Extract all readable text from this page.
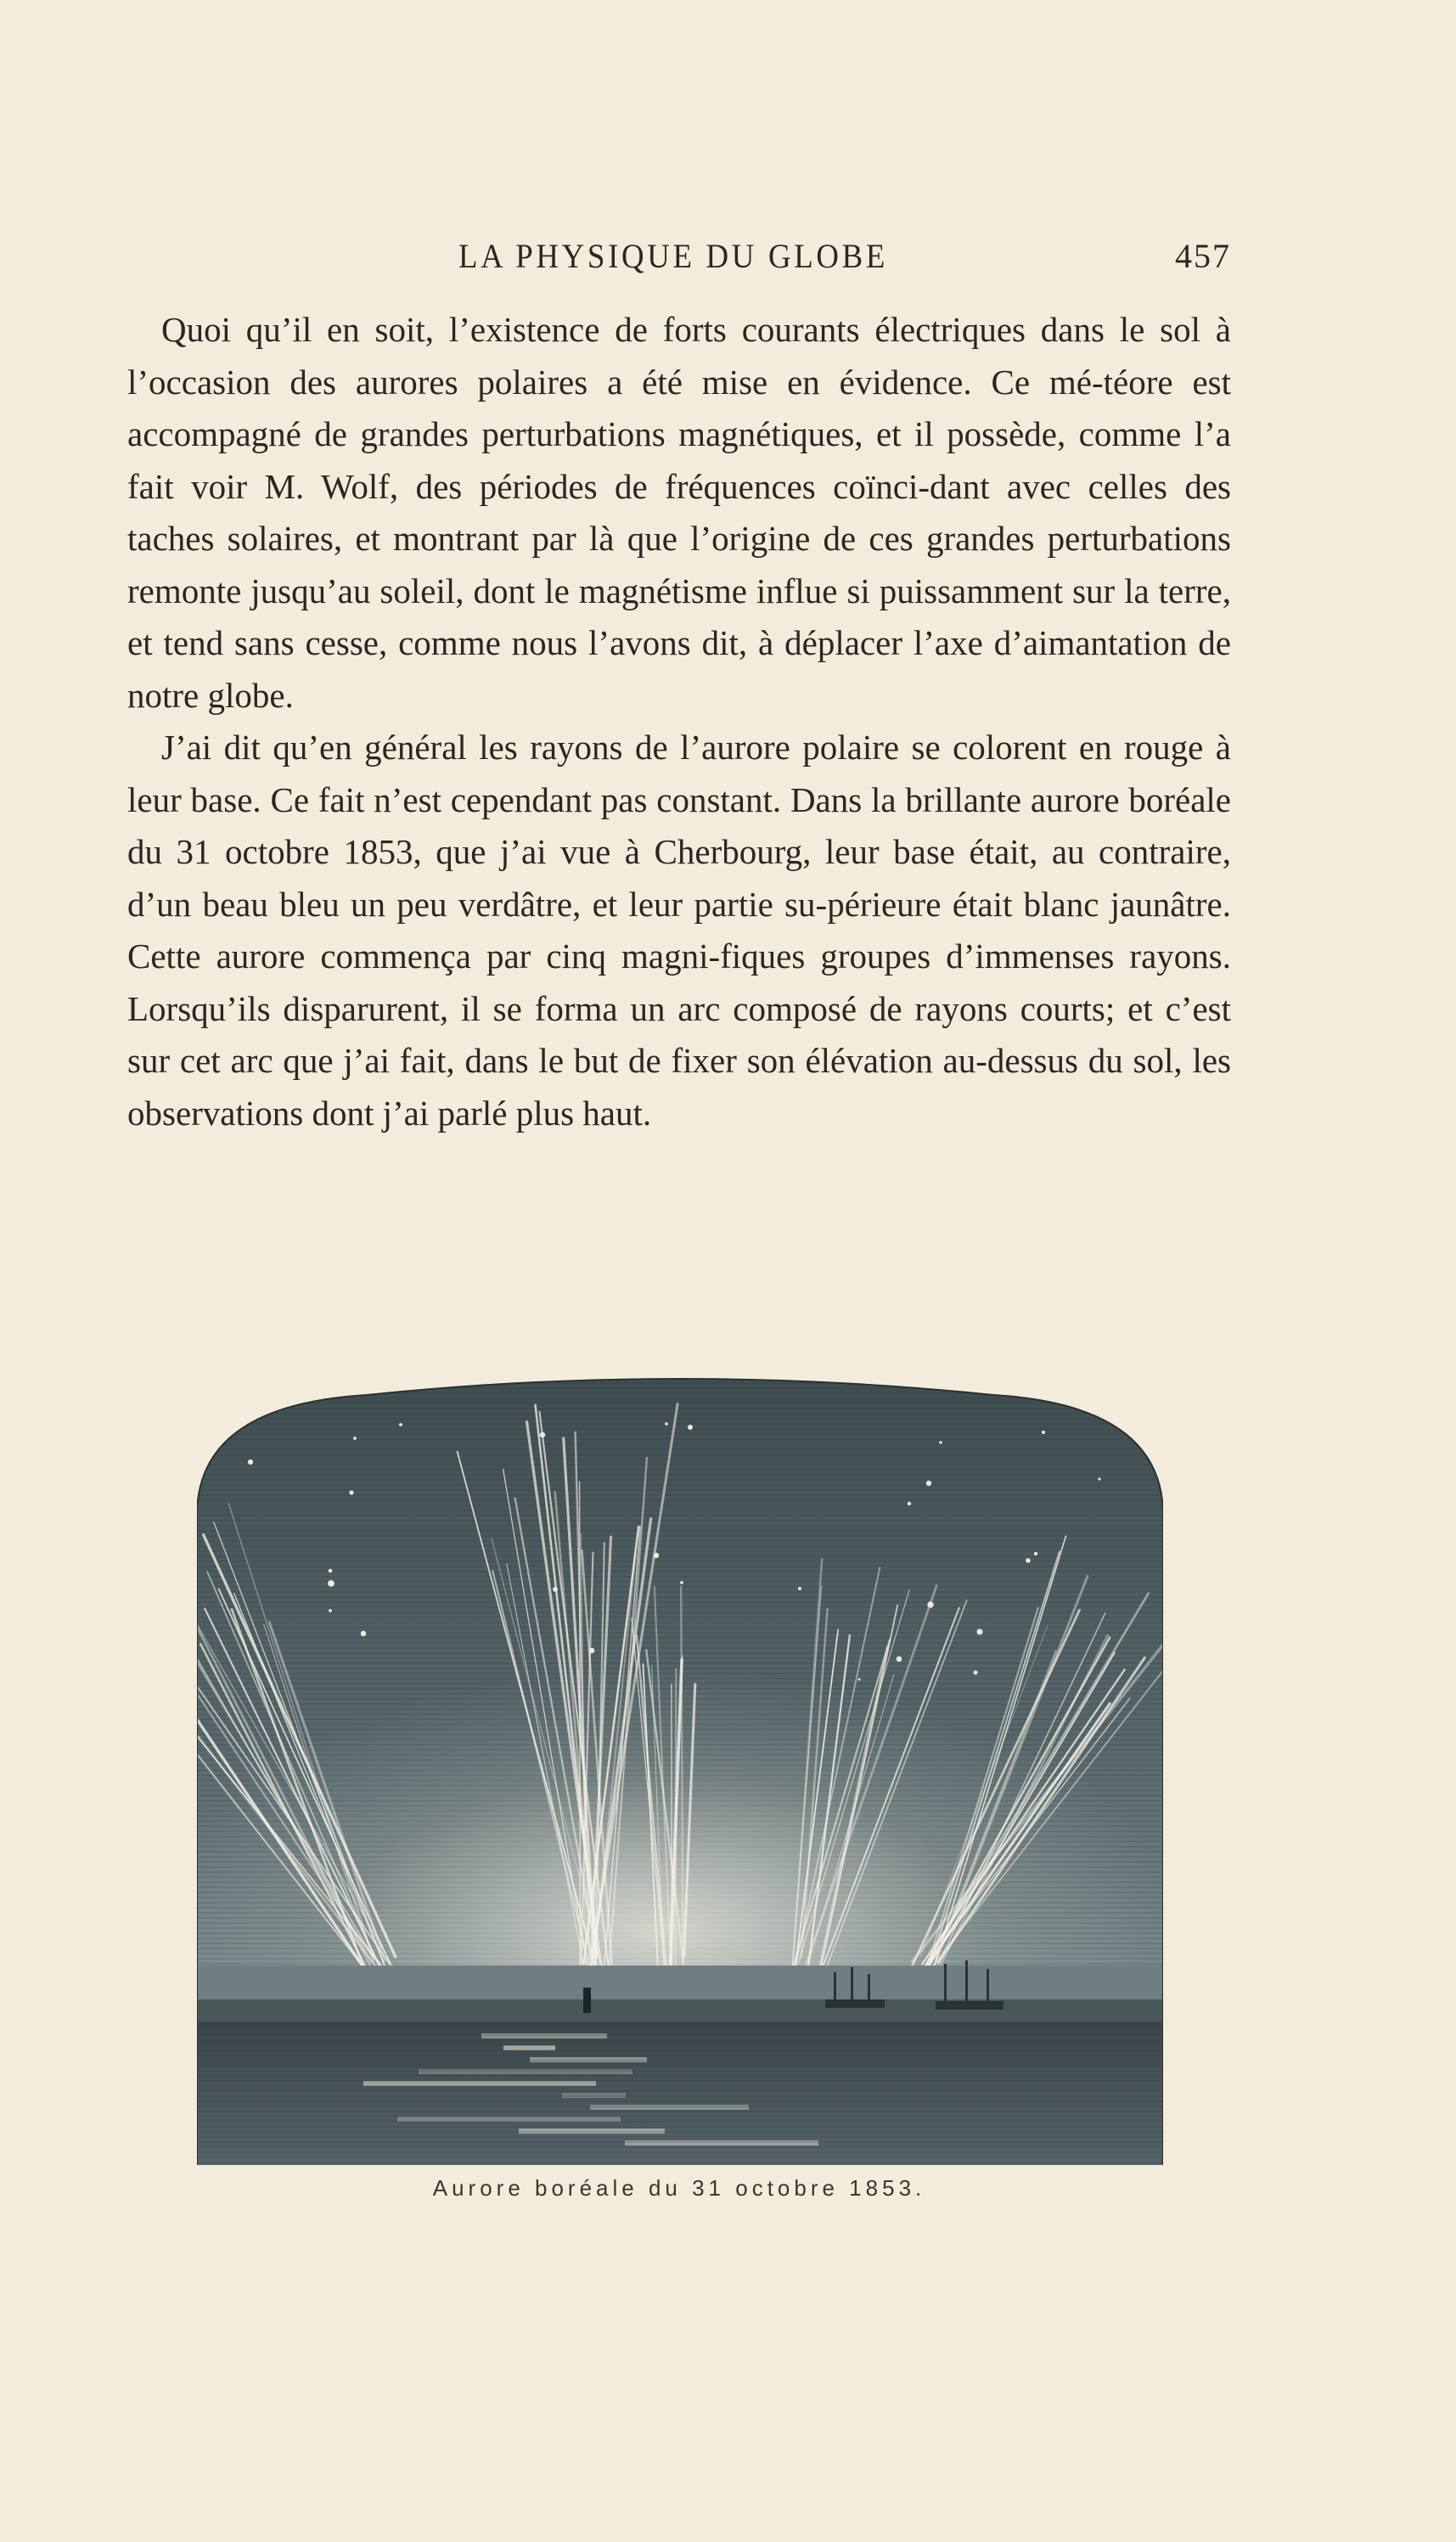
LA PHYSIQUE DU GLOBE	457

Quoi qu’il en soit, l’existence de forts courants électriques dans le sol à l’occasion des aurores polaires a été mise en évidence. Ce mé-téore est accompagné de grandes perturbations magnétiques, et il possède, comme l’a fait voir M. Wolf, des périodes de fréquences coïnci-dant avec celles des taches solaires, et montrant par là que l’origine de ces grandes perturbations remonte jusqu’au soleil, dont le magnétisme influe si puissamment sur la terre, et tend sans cesse, comme nous l’avons dit, à déplacer l’axe d’aimantation de notre globe.

J’ai dit qu’en général les rayons de l’aurore polaire se colorent en rouge à leur base. Ce fait n’est cependant pas constant. Dans la brillante aurore boréale du 31 octobre 1853, que j’ai vue à Cherbourg, leur base était, au contraire, d’un beau bleu un peu verdâtre, et leur partie su-périeure était blanc jaunâtre. Cette aurore commença par cinq magni-fiques groupes d’immenses rayons. Lorsqu’ils disparurent, il se forma un arc composé de rayons courts; et c’est sur cet arc que j’ai fait, dans le but de fixer son élévation au-dessus du sol, les observations dont j’ai parlé plus haut.

Aurore boréale du 31 octobre 1853.
